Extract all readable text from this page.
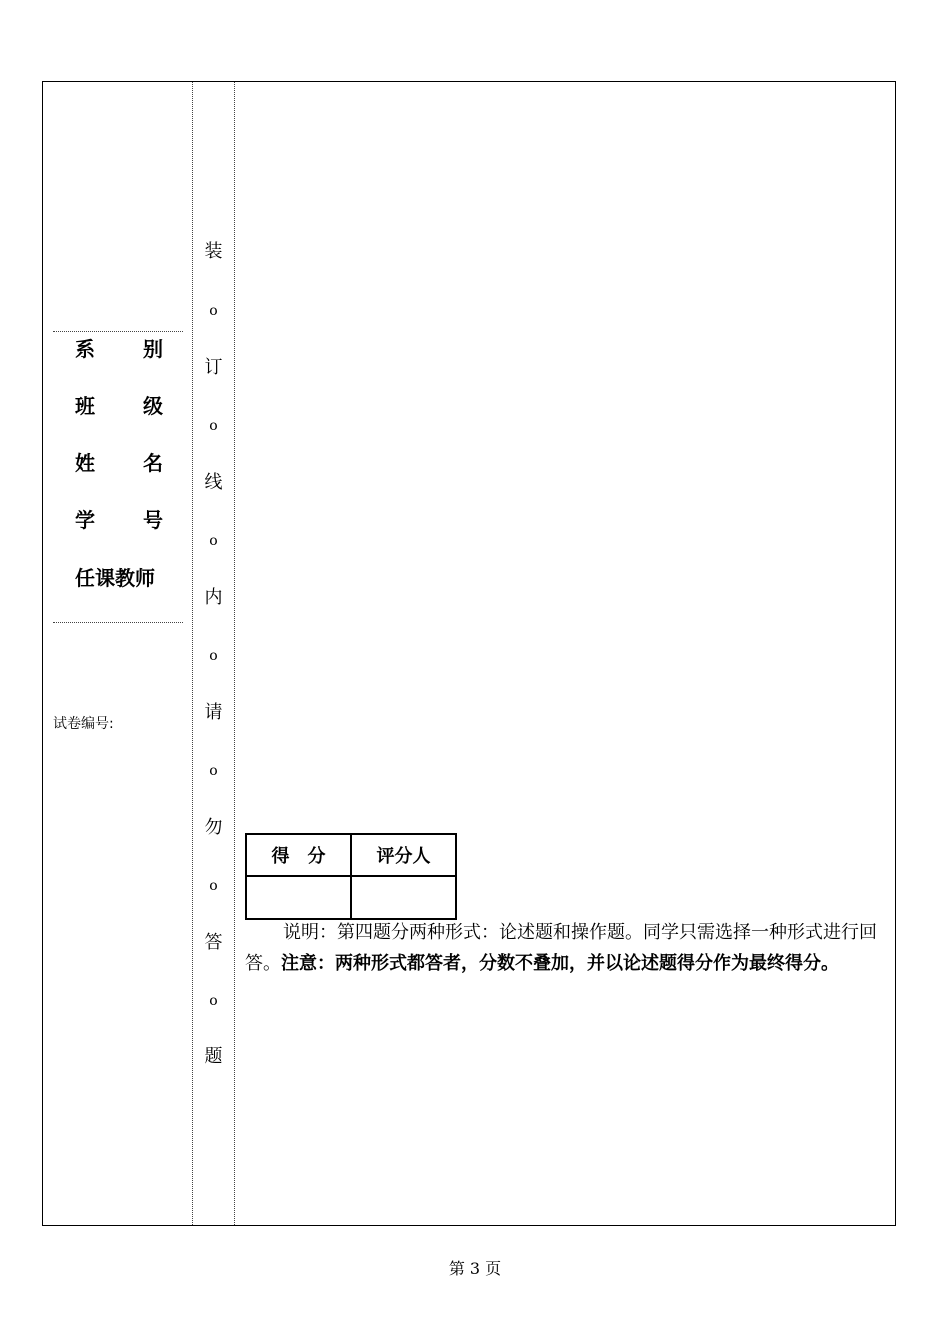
系 别
班 级
姓 名
学 号
任课教师
试卷编号:
装
o
订
o
线
o
内
o
请
o
勿
o
答
o
题
得　分	评分人

说明：第四题分两种形式：论述题和操作题。同学只需选择一种形式进行回答。注意：两种形式都答者，分数不叠加，并以论述题得分作为最终得分。
第 3 页
